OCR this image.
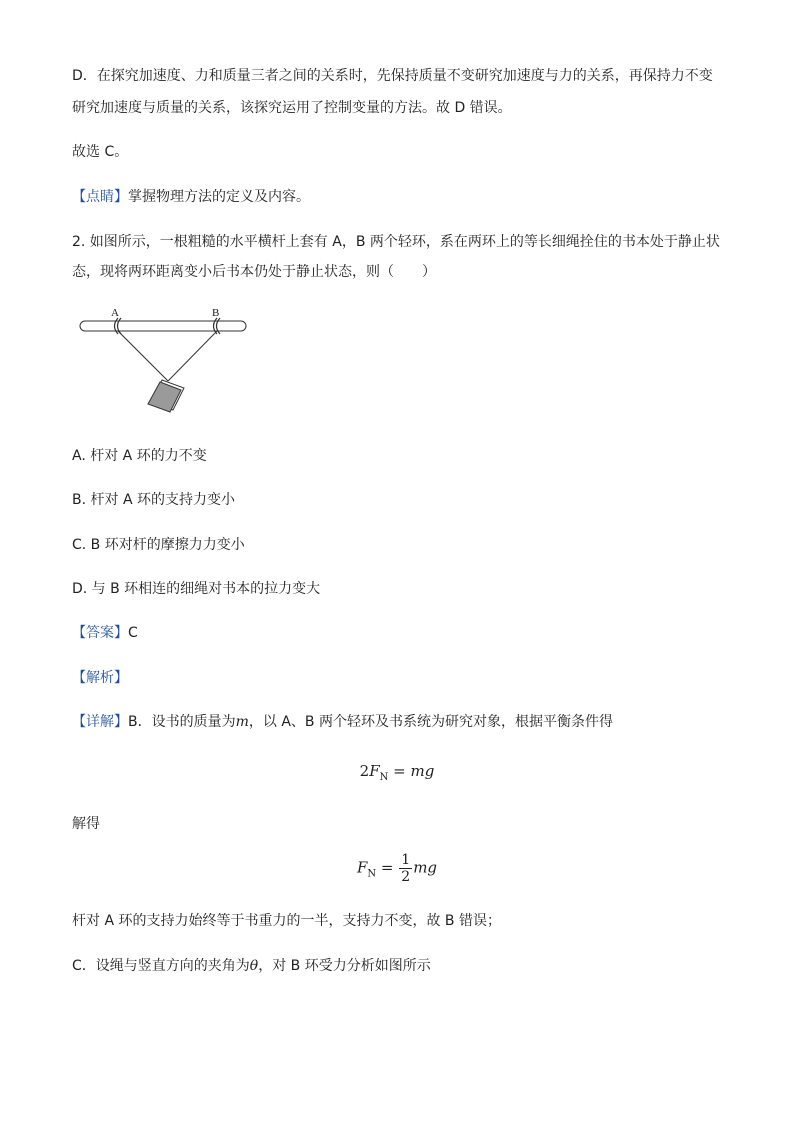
D．在探究加速度、力和质量三者之间的关系时，先保持质量不变研究加速度与力的关系，再保持力不变
研究加速度与质量的关系，该探究运用了控制变量的方法。故 D 错误。
故选 C。
【点睛】掌握物理方法的定义及内容。
2. 如图所示，一根粗糙的水平横杆上套有 A，B 两个轻环，系在两环上的等长细绳拴住的书本处于静止状
态，现将两环距离变小后书本仍处于静止状态，则（　　）
A	B
A. 杆对 A 环的力不变
B. 杆对 A 环的支持力变小
C. B 环对杆的摩擦力力变小
D. 与 B 环相连的细绳对书本的拉力变大
【答案】C
【解析】
【详解】B．设书的质量为m，以 A、B 两个轻环及书系统为研究对象，根据平衡条件得
$2F_N$ = mg
解得
$F_N = \frac{1}{2}$ mg
杆对 A 环的支持力始终等于书重力的一半，支持力不变，故 B 错误；
C．设绳与竖直方向的夹角为θ，对 B 环受力分析如图所示
